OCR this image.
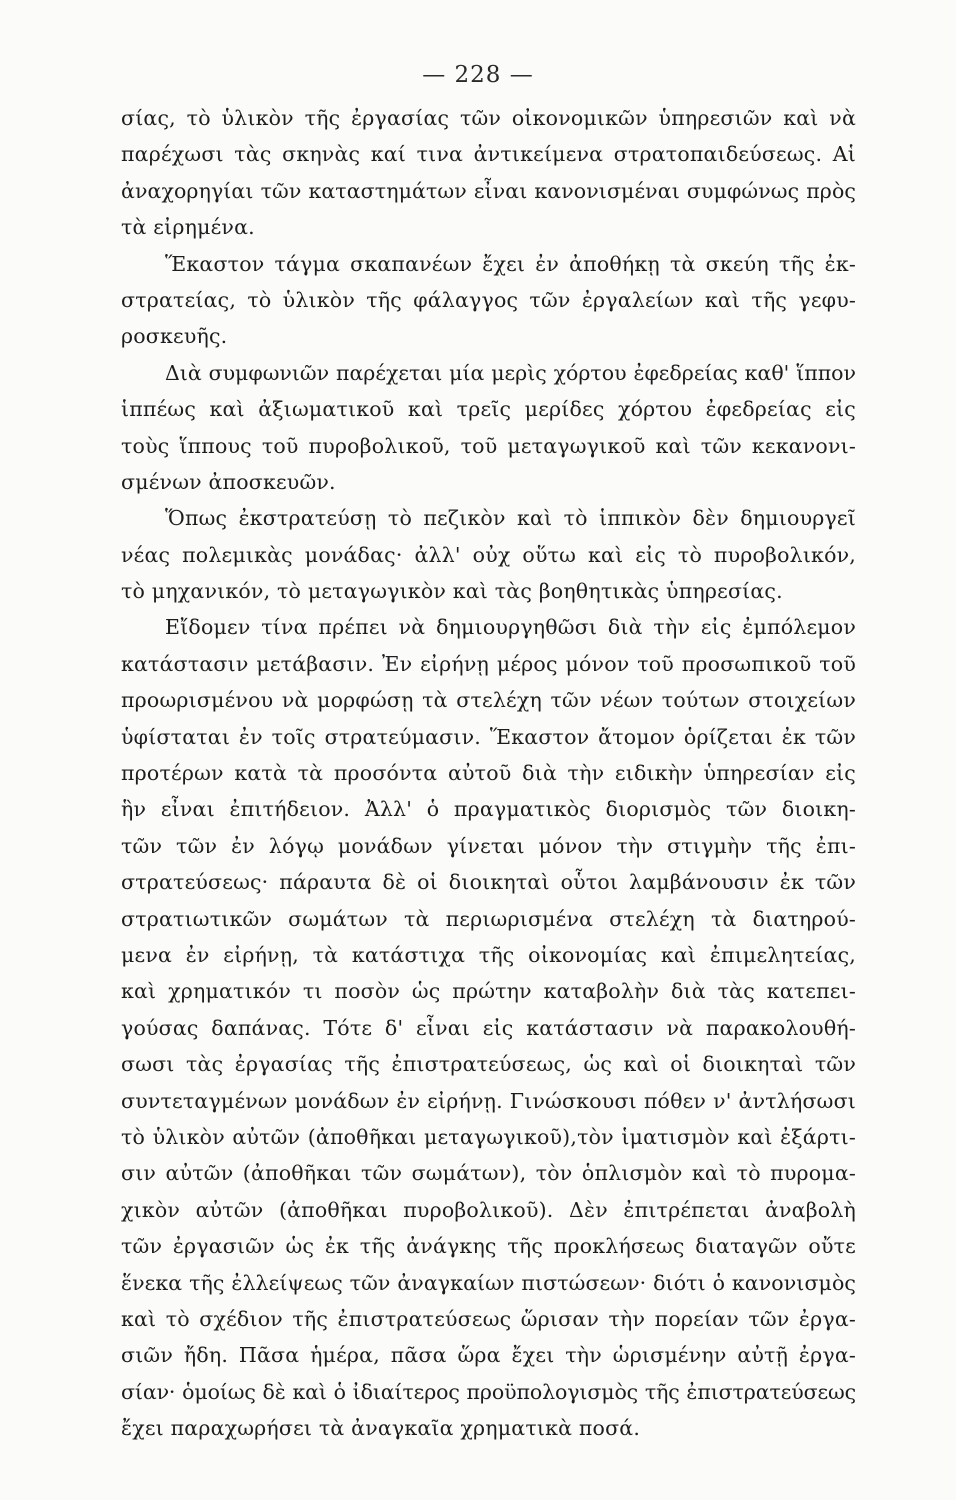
— 228 —
σίας, τὸ ὑλικὸν τῆς ἐργασίας τῶν οἰκονομικῶν ὑπηρεσιῶν καὶ νὰ
παρέχωσι τὰς σκηνὰς καί τινα ἀντικείμενα στρατοπαιδεύσεως. Αἱ
ἀναχορηγίαι τῶν καταστημάτων εἶναι κανονισμέναι συμφώνως πρὸς
τὰ εἰρημένα.
Ἕκαστον τάγμα σκαπανέων ἔχει ἐν ἀποθήκῃ τὰ σκεύη τῆς ἐκ-
στρατείας, τὸ ὑλικὸν τῆς φάλαγγος τῶν ἐργαλείων καὶ τῆς γεφυ-
ροσκευῆς.
Διὰ συμφωνιῶν παρέχεται μία μερὶς χόρτου ἐφεδρείας καθ' ἵππον
ἱππέως καὶ ἀξιωματικοῦ καὶ τρεῖς μερίδες χόρτου ἐφεδρείας εἰς
τοὺς ἵππους τοῦ πυροβολικοῦ, τοῦ μεταγωγικοῦ καὶ τῶν κεκανονι-
σμένων ἀποσκευῶν.
Ὅπως ἐκστρατεύσῃ τὸ πεζικὸν καὶ τὸ ἱππικὸν δὲν δημιουργεῖ
νέας πολεμικὰς μονάδας· ἀλλ' οὐχ οὕτω καὶ εἰς τὸ πυροβολικόν,
τὸ μηχανικόν, τὸ μεταγωγικὸν καὶ τὰς βοηθητικὰς ὑπηρεσίας.
Εἴδομεν τίνα πρέπει νὰ δημιουργηθῶσι διὰ τὴν εἰς ἐμπόλεμον
κατάστασιν μετάβασιν. Ἐν εἰρήνῃ μέρος μόνον τοῦ προσωπικοῦ τοῦ
προωρισμένου νὰ μορφώσῃ τὰ στελέχη τῶν νέων τούτων στοιχείων
ὑφίσταται ἐν τοῖς στρατεύμασιν. Ἕκαστον ἄτομον ὁρίζεται ἐκ τῶν
προτέρων κατὰ τὰ προσόντα αὐτοῦ διὰ τὴν ειδικὴν ὑπηρεσίαν εἰς
ἣν εἶναι ἐπιτήδειον. Ἀλλ' ὁ πραγματικὸς διορισμὸς τῶν διοικη-
τῶν τῶν ἐν λόγῳ μονάδων γίνεται μόνον τὴν στιγμὴν τῆς ἐπι-
στρατεύσεως· πάραυτα δὲ οἱ διοικηταὶ οὗτοι λαμβάνουσιν ἐκ τῶν
στρατιωτικῶν σωμάτων τὰ περιωρισμένα στελέχη τὰ διατηρού-
μενα ἐν εἰρήνῃ, τὰ κατάστιχα τῆς οἰκονομίας καὶ ἐπιμελητείας,
καὶ χρηματικόν τι ποσὸν ὡς πρώτην καταβολὴν διὰ τὰς κατεπει-
γούσας δαπάνας. Τότε δ' εἶναι εἰς κατάστασιν νὰ παρακολουθή-
σωσι τὰς ἐργασίας τῆς ἐπιστρατεύσεως, ὡς καὶ οἱ διοικηταὶ τῶν
συντεταγμένων μονάδων ἐν εἰρήνῃ. Γινώσκουσι πόθεν ν' ἀντλήσωσι
τὸ ὑλικὸν αὐτῶν (ἀποθῆκαι μεταγωγικοῦ),τὸν ἱματισμὸν καὶ ἐξάρτι-
σιν αὐτῶν (ἀποθῆκαι τῶν σωμάτων), τὸν ὁπλισμὸν καὶ τὸ πυρομα-
χικὸν αὐτῶν (ἀποθῆκαι πυροβολικοῦ). Δὲν ἐπιτρέπεται ἀναβολὴ
τῶν ἐργασιῶν ὡς ἐκ τῆς ἀνάγκης τῆς προκλήσεως διαταγῶν οὔτε
ἕνεκα τῆς ἐλλείψεως τῶν ἀναγκαίων πιστώσεων· διότι ὁ κανονισμὸς
καὶ τὸ σχέδιον τῆς ἐπιστρατεύσεως ὥρισαν τὴν πορείαν τῶν ἐργα-
σιῶν ἤδη. Πᾶσα ἡμέρα, πᾶσα ὥρα ἔχει τὴν ὡρισμένην αὐτῇ ἐργα-
σίαν· ὁμοίως δὲ καὶ ὁ ἰδιαίτερος προϋπολογισμὸς τῆς ἐπιστρατεύσεως
ἔχει παραχωρήσει τὰ ἀναγκαῖα χρηματικὰ ποσά.
